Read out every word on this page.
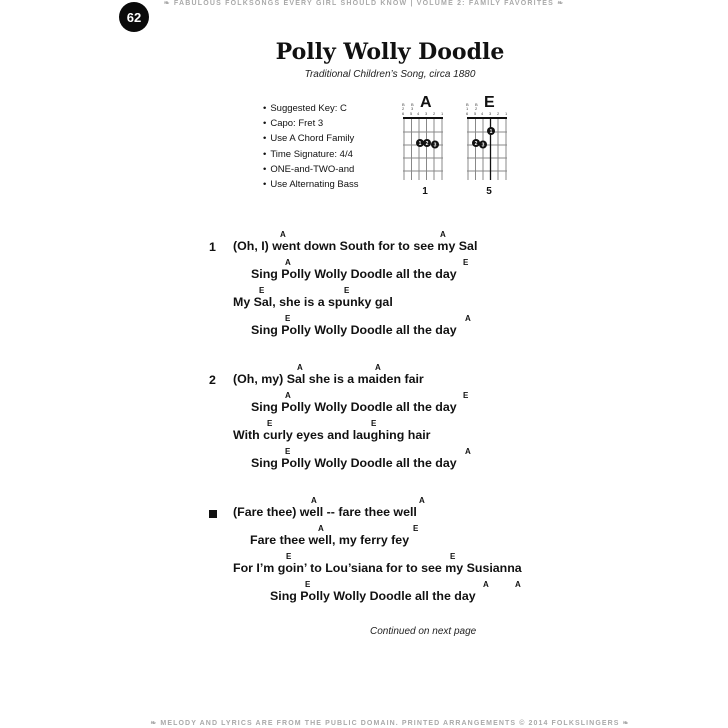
62
❧ FABULOUS FOLKSONGS EVERY GIRL SHOULD KNOW | VOLUME 2: FAMILY FAVORITES ❧
Polly Wolly Doodle
Traditional Children’s Song, circa 1880
• Suggested Key: C
• Capo: Fret 3
• Use A Chord Family
• Time Signature: 4/4
• ONE-and-TWO-and
• Use Alternating Bass
B
2
B
3
6 5 4 3 2 1
1 2 3
A
1
B
1
B
2
6 5 4 3 2 1
1
2 3
E
5
1
A	A
(Oh, I) went down South for to see my Sal
A	E
Sing Polly Wolly Doodle all the day
E	E
My Sal, she is a spunky gal
E	A
Sing Polly Wolly Doodle all the day
2
A	A
(Oh, my) Sal she is a maiden fair
A	E
Sing Polly Wolly Doodle all the day
E	E
With curly eyes and laughing hair
E	A
Sing Polly Wolly Doodle all the day
A	A
(Fare thee) well -- fare thee well
A	E
Fare thee well, my ferry fey
E	E
For I’m goin’ to Lou’siana for to see my Susianna
E	A	A
Sing Polly Wolly Doodle all the day
Continued on next page
❧ MELODY AND LYRICS ARE FROM THE PUBLIC DOMAIN. PRINTED ARRANGEMENTS © 2014 FOLKSLINGERS ❧
